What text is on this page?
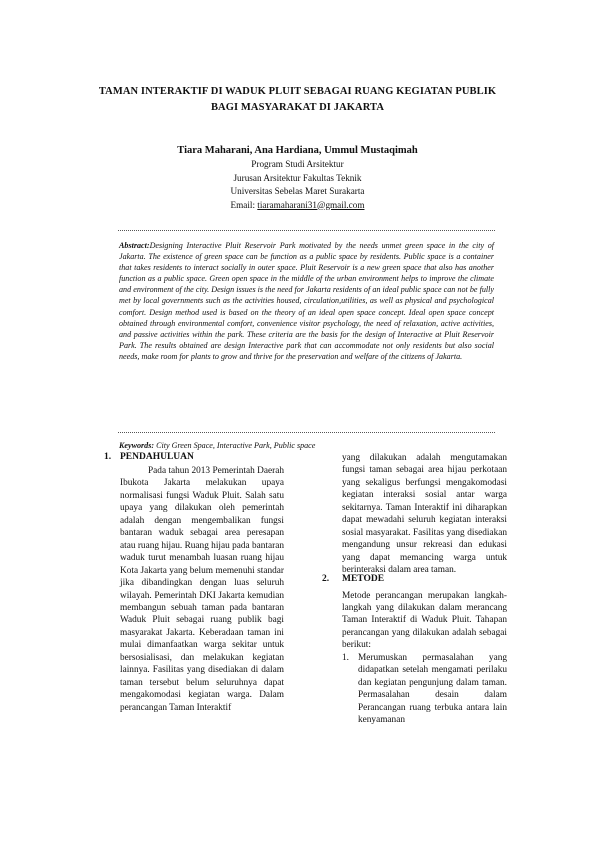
TAMAN INTERAKTIF DI WADUK PLUIT SEBAGAI RUANG KEGIATAN PUBLIK
BAGI MASYARAKAT DI JAKARTA
Tiara Maharani, Ana Hardiana, Ummul Mustaqimah
Program Studi Arsitektur
Jurusan Arsitektur Fakultas Teknik
Universitas Sebelas Maret Surakarta
Email: tiaramaharani31@gmail.com
Abstract:Designing Interactive Pluit Reservoir Park motivated by the needs unmet green space in the city of Jakarta. The existence of green space can be function as a public space by residents. Public space is a container that takes residents to interact socially in outer space. Pluit Reservoir is a new green space that also has another function as a public space. Green open space in the middle of the urban environment helps to improve the climate and environment of the city. Design issues is the need for Jakarta residents of an ideal public space can not be fully met by local governments such as the activities housed, circulation,utilities, as well as physical and psychological comfort. Design method used is based on the theory of an ideal open space concept. Ideal open space concept obtained through environmental comfort, convenience visitor psychology, the need of relaxation, active activities, and passive activities within the park. These criteria are the basis for the design of Interactive at Pluit Reservoir Park. The results obtained are design Interactive park that can accommodate not only residents but also social needs, make room for plants to grow and thrive for the preservation and welfare of the citizens of Jakarta.
Keywords: City Green Space, Interactive Park, Public space
1. PENDAHULUAN

Pada tahun 2013 Pemerintah Daerah Ibukota Jakarta melakukan upaya normalisasi fungsi Waduk Pluit. Salah satu upaya yang dilakukan oleh pemerintah adalah dengan mengembalikan fungsi bantaran waduk sebagai area peresapan atau ruang hijau. Ruang hijau pada bantaran waduk turut menambah luasan ruang hijau Kota Jakarta yang belum memenuhi standar jika dibandingkan dengan luas seluruh wilayah. Pemerintah DKI Jakarta kemudian membangun sebuah taman pada bantaran Waduk Pluit sebagai ruang publik bagi masyarakat Jakarta. Keberadaan taman ini mulai dimanfaatkan warga sekitar untuk bersosialisasi, dan melakukan kegiatan lainnya. Fasilitas yang disediakan di dalam taman tersebut belum seluruhnya dapat mengakomodasi kegiatan warga. Dalam perancangan Taman Interaktif

yang dilakukan adalah mengutamakan fungsi taman sebagai area hijau perkotaan yang sekaligus berfungsi mengakomodasi kegiatan interaksi sosial antar warga sekitarnya. Taman Interaktif ini diharapkan dapat mewadahi seluruh kegiatan interaksi sosial masyarakat. Fasilitas yang disediakan mengandung unsur rekreasi dan edukasi yang dapat memancing warga untuk berinteraksi dalam area taman.

Metode perancangan merupakan langkah-langkah yang dilakukan dalam merancang Taman Interaktif di Waduk Pluit. Tahapan perancangan yang dilakukan adalah sebagai berikut:

1. Merumuskan permasalahan yang didapatkan setelah mengamati perilaku dan kegiatan pengunjung dalam taman. Permasalahan desain dalam Perancangan ruang terbuka antara lain kenyamanan
2. METODE
